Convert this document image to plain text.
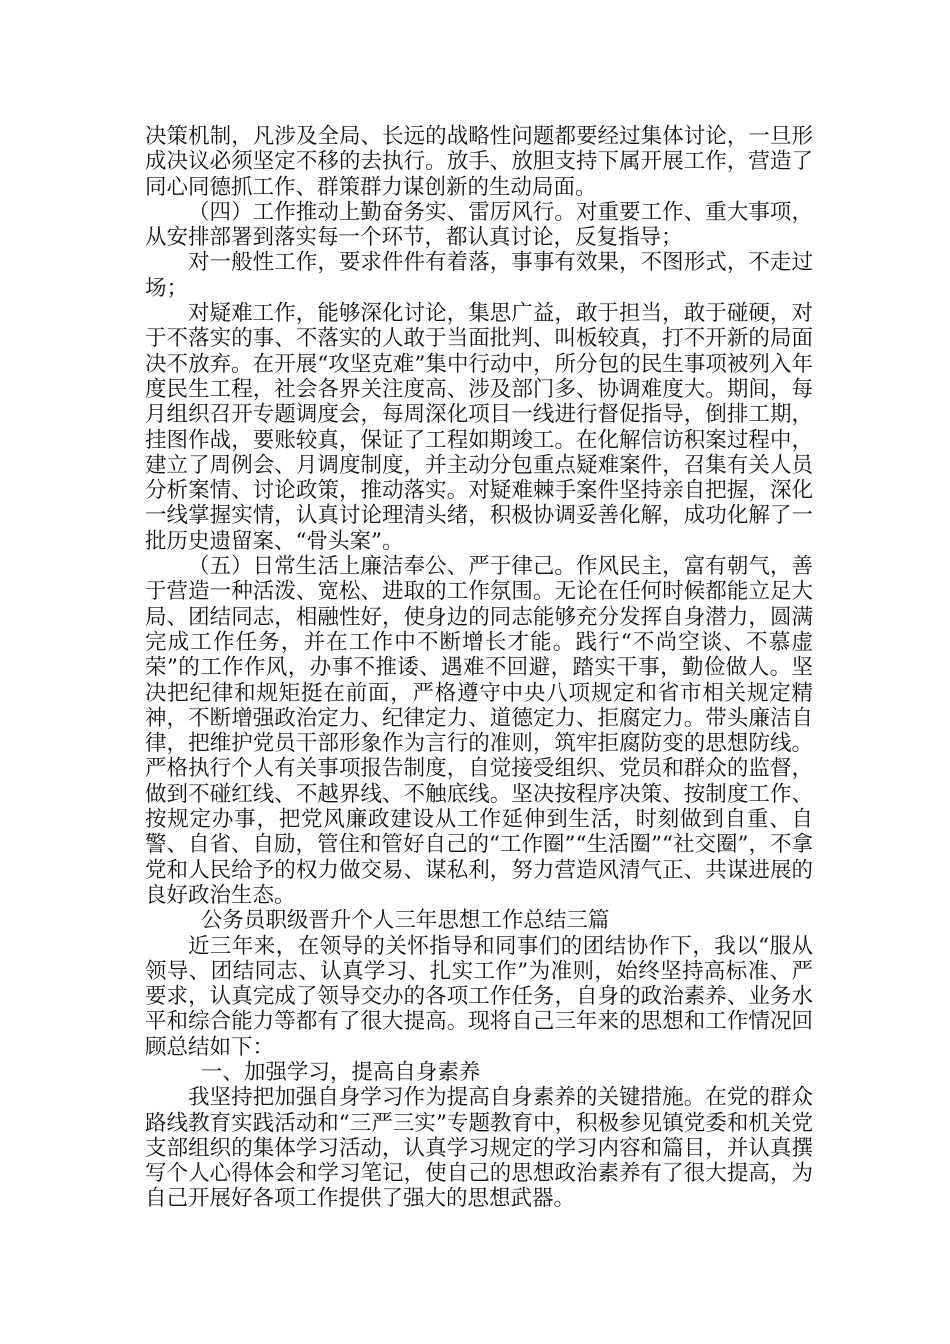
决策机制，凡涉及全局、长远的战略性问题都要经过集体讨论，一旦形成决议必须坚定不移的去执行。放手、放胆支持下属开展工作，营造了同心同德抓工作、群策群力谋创新的生动局面。

（四）工作推动上勤奋务实、雷厉风行。对重要工作、重大事项，从安排部署到落实每一个环节，都认真讨论，反复指导；

对一般性工作，要求件件有着落，事事有效果，不图形式，不走过场；

对疑难工作，能够深化讨论，集思广益，敢于担当，敢于碰硬，对于不落实的事、不落实的人敢于当面批判、叫板较真，打不开新的局面决不放弃。在开展“攻坚克难”集中行动中，所分包的民生事项被列入年度民生工程，社会各界关注度高、涉及部门多、协调难度大。期间，每月组织召开专题调度会，每周深化项目一线进行督促指导，倒排工期，挂图作战，要账较真，保证了工程如期竣工。在化解信访积案过程中，建立了周例会、月调度制度，并主动分包重点疑难案件，召集有关人员分析案情、讨论政策，推动落实。对疑难棘手案件坚持亲自把握，深化一线掌握实情，认真讨论理清头绪，积极协调妥善化解，成功化解了一批历史遗留案、“骨头案”。

（五）日常生活上廉洁奉公、严于律己。作风民主，富有朝气，善于营造一种活泼、宽松、进取的工作氛围。无论在任何时候都能立足大局、团结同志，相融性好，使身边的同志能够充分发挥自身潜力，圆满完成工作任务，并在工作中不断增长才能。践行“不尚空谈、不慕虚荣”的工作作风，办事不推诿、遇难不回避，踏实干事，勤俭做人。坚决把纪律和规矩挺在前面，严格遵守中央八项规定和省市相关规定精神，不断增强政治定力、纪律定力、道德定力、拒腐定力。带头廉洁自律，把维护党员干部形象作为言行的准则，筑牢拒腐防变的思想防线。严格执行个人有关事项报告制度，自觉接受组织、党员和群众的监督，做到不碰红线、不越界线、不触底线。坚决按程序决策、按制度工作、按规定办事，把党风廉政建设从工作延伸到生活，时刻做到自重、自警、自省、自励，管住和管好自己的“工作圈”“生活圈”“社交圈”，不拿党和人民给予的权力做交易、谋私利，努力营造风清气正、共谋进展的良好政治生态。

公务员职级晋升个人三年思想工作总结三篇

近三年来，在领导的关怀指导和同事们的团结协作下，我以“服从领导、团结同志、认真学习、扎实工作”为准则，始终坚持高标准、严要求，认真完成了领导交办的各项工作任务，自身的政治素养、业务水平和综合能力等都有了很大提高。现将自己三年来的思想和工作情况回顾总结如下：

一、加强学习，提高自身素养

我坚持把加强自身学习作为提高自身素养的关键措施。在党的群众路线教育实践活动和“三严三实”专题教育中，积极参见镇党委和机关党支部组织的集体学习活动，认真学习规定的学习内容和篇目，并认真撰写个人心得体会和学习笔记，使自己的思想政治素养有了很大提高，为自己开展好各项工作提供了强大的思想武器。
